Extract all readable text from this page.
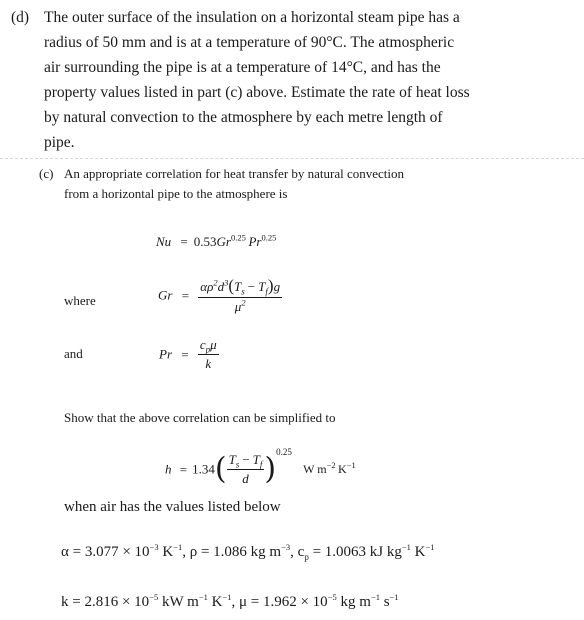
(d) The outer surface of the insulation on a horizontal steam pipe has a
radius of 50 mm and is at a temperature of 90°C. The atmospheric
air surrounding the pipe is at a temperature of 14°C, and has the
property values listed in part (c) above. Estimate the rate of heat loss
by natural convection to the atmosphere by each metre length of
pipe.
(c) An appropriate correlation for heat transfer by natural convection
from a horizontal pipe to the atmosphere is
$Nu = 0.53Gr^{0.25}$  $Pr^{0.25}$
where	$Gr = \frac{\alpha\rho^2d^3(T_s - T_f)g}{\mu^2}$
and	$Pr = \frac{c_p\mu}{k}$
Show that the above correlation can be simplified to
$h = 1.34( \frac{T_s - T_f}{d} )^{0.25}$ W $m^{-2}$  $K^{-1}$
when air has the values listed below
$\alpha = 3.077 \times 10^{-3}$ $K^{-1}$, ρ = 1.086 kg $m^{-3}$, $c_p = 1.0063$ kJ $kg^{-1}$ $K^{-1}$
$k = 2.816 \times 10^{-5}$ kW $m^{-1}$ $K^{-1}$, $\mu = 1.962 \times 10^{-5}$ kg $m^{-1}$ $s^{-1}$
